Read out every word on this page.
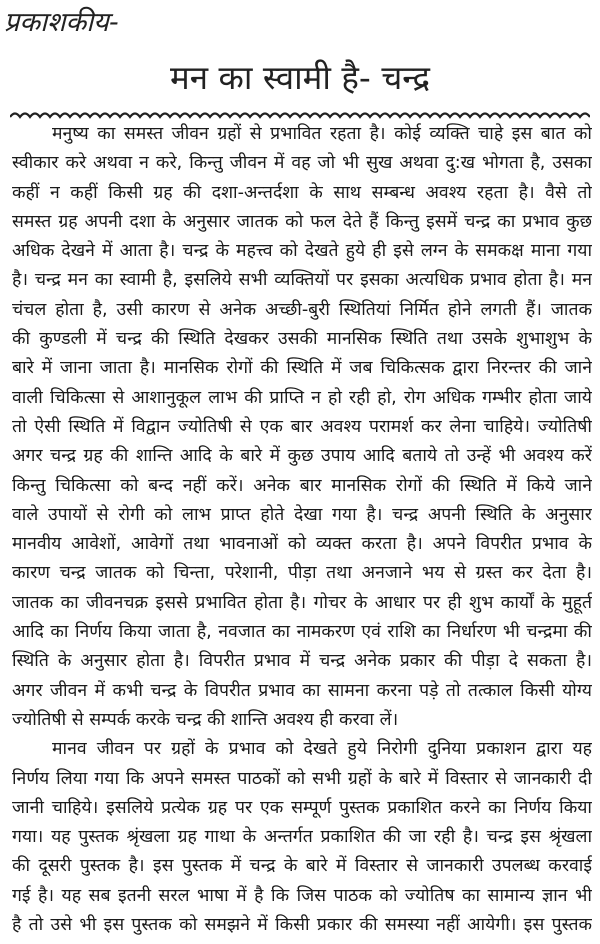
प्रकाशकीय-
मन का स्वामी है- चन्द्र
मनुष्य का समस्त जीवन ग्रहों से प्रभावित रहता है। कोई व्यक्ति चाहे इस बात को
स्वीकार करे अथवा न करे, किन्तु जीवन में वह जो भी सुख अथवा दु:ख भोगता है, उसका
कहीं न कहीं किसी ग्रह की दशा-अन्तर्दशा के साथ सम्बन्ध अवश्य रहता है। वैसे तो
समस्त ग्रह अपनी दशा के अनुसार जातक को फल देते हैं किन्तु इसमें चन्द्र का प्रभाव कुछ
अधिक देखने में आता है। चन्द्र के महत्त्व को देखते हुये ही इसे लग्न के समकक्ष माना गया
है। चन्द्र मन का स्वामी है, इसलिये सभी व्यक्तियों पर इसका अत्यधिक प्रभाव होता है। मन
चंचल होता है, उसी कारण से अनेक अच्छी-बुरी स्थितियां निर्मित होने लगती हैं। जातक
की कुण्डली में चन्द्र की स्थिति देखकर उसकी मानसिक स्थिति तथा उसके शुभाशुभ के
बारे में जाना जाता है। मानसिक रोगों की स्थिति में जब चिकित्सक द्वारा निरन्तर की जाने
वाली चिकित्सा से आशानुकूल लाभ की प्राप्ति न हो रही हो, रोग अधिक गम्भीर होता जाये
तो ऐसी स्थिति में विद्वान ज्योतिषी से एक बार अवश्य परामर्श कर लेना चाहिये। ज्योतिषी
अगर चन्द्र ग्रह की शान्ति आदि के बारे में कुछ उपाय आदि बताये तो उन्हें भी अवश्य करें
किन्तु चिकित्सा को बन्द नहीं करें। अनेक बार मानसिक रोगों की स्थिति में किये जाने
वाले उपायों से रोगी को लाभ प्राप्त होते देखा गया है। चन्द्र अपनी स्थिति के अनुसार
मानवीय आवेशों, आवेगों तथा भावनाओं को व्यक्त करता है। अपने विपरीत प्रभाव के
कारण चन्द्र जातक को चिन्ता, परेशानी, पीड़ा तथा अनजाने भय से ग्रस्त कर देता है।
जातक का जीवनचक्र इससे प्रभावित होता है। गोचर के आधार पर ही शुभ कार्यों के मुहूर्त
आदि का निर्णय किया जाता है, नवजात का नामकरण एवं राशि का निर्धारण भी चन्द्रमा की
स्थिति के अनुसार होता है। विपरीत प्रभाव में चन्द्र अनेक प्रकार की पीड़ा दे सकता है।
अगर जीवन में कभी चन्द्र के विपरीत प्रभाव का सामना करना पड़े तो तत्काल किसी योग्य
ज्योतिषी से सम्पर्क करके चन्द्र की शान्ति अवश्य ही करवा लें।
मानव जीवन पर ग्रहों के प्रभाव को देखते हुये निरोगी दुनिया प्रकाशन द्वारा यह
निर्णय लिया गया कि अपने समस्त पाठकों को सभी ग्रहों के बारे में विस्तार से जानकारी दी
जानी चाहिये। इसलिये प्रत्येक ग्रह पर एक सम्पूर्ण पुस्तक प्रकाशित करने का निर्णय किया
गया। यह पुस्तक श्रृंखला ग्रह गाथा के अन्तर्गत प्रकाशित की जा रही है। चन्द्र इस श्रृंखला
की दूसरी पुस्तक है। इस पुस्तक में चन्द्र के बारे में विस्तार से जानकारी उपलब्ध करवाई
गई है। यह सब इतनी सरल भाषा में है कि जिस पाठक को ज्योतिष का सामान्य ज्ञान भी
है तो उसे भी इस पुस्तक को समझने में किसी प्रकार की समस्या नहीं आयेगी। इस पुस्तक
